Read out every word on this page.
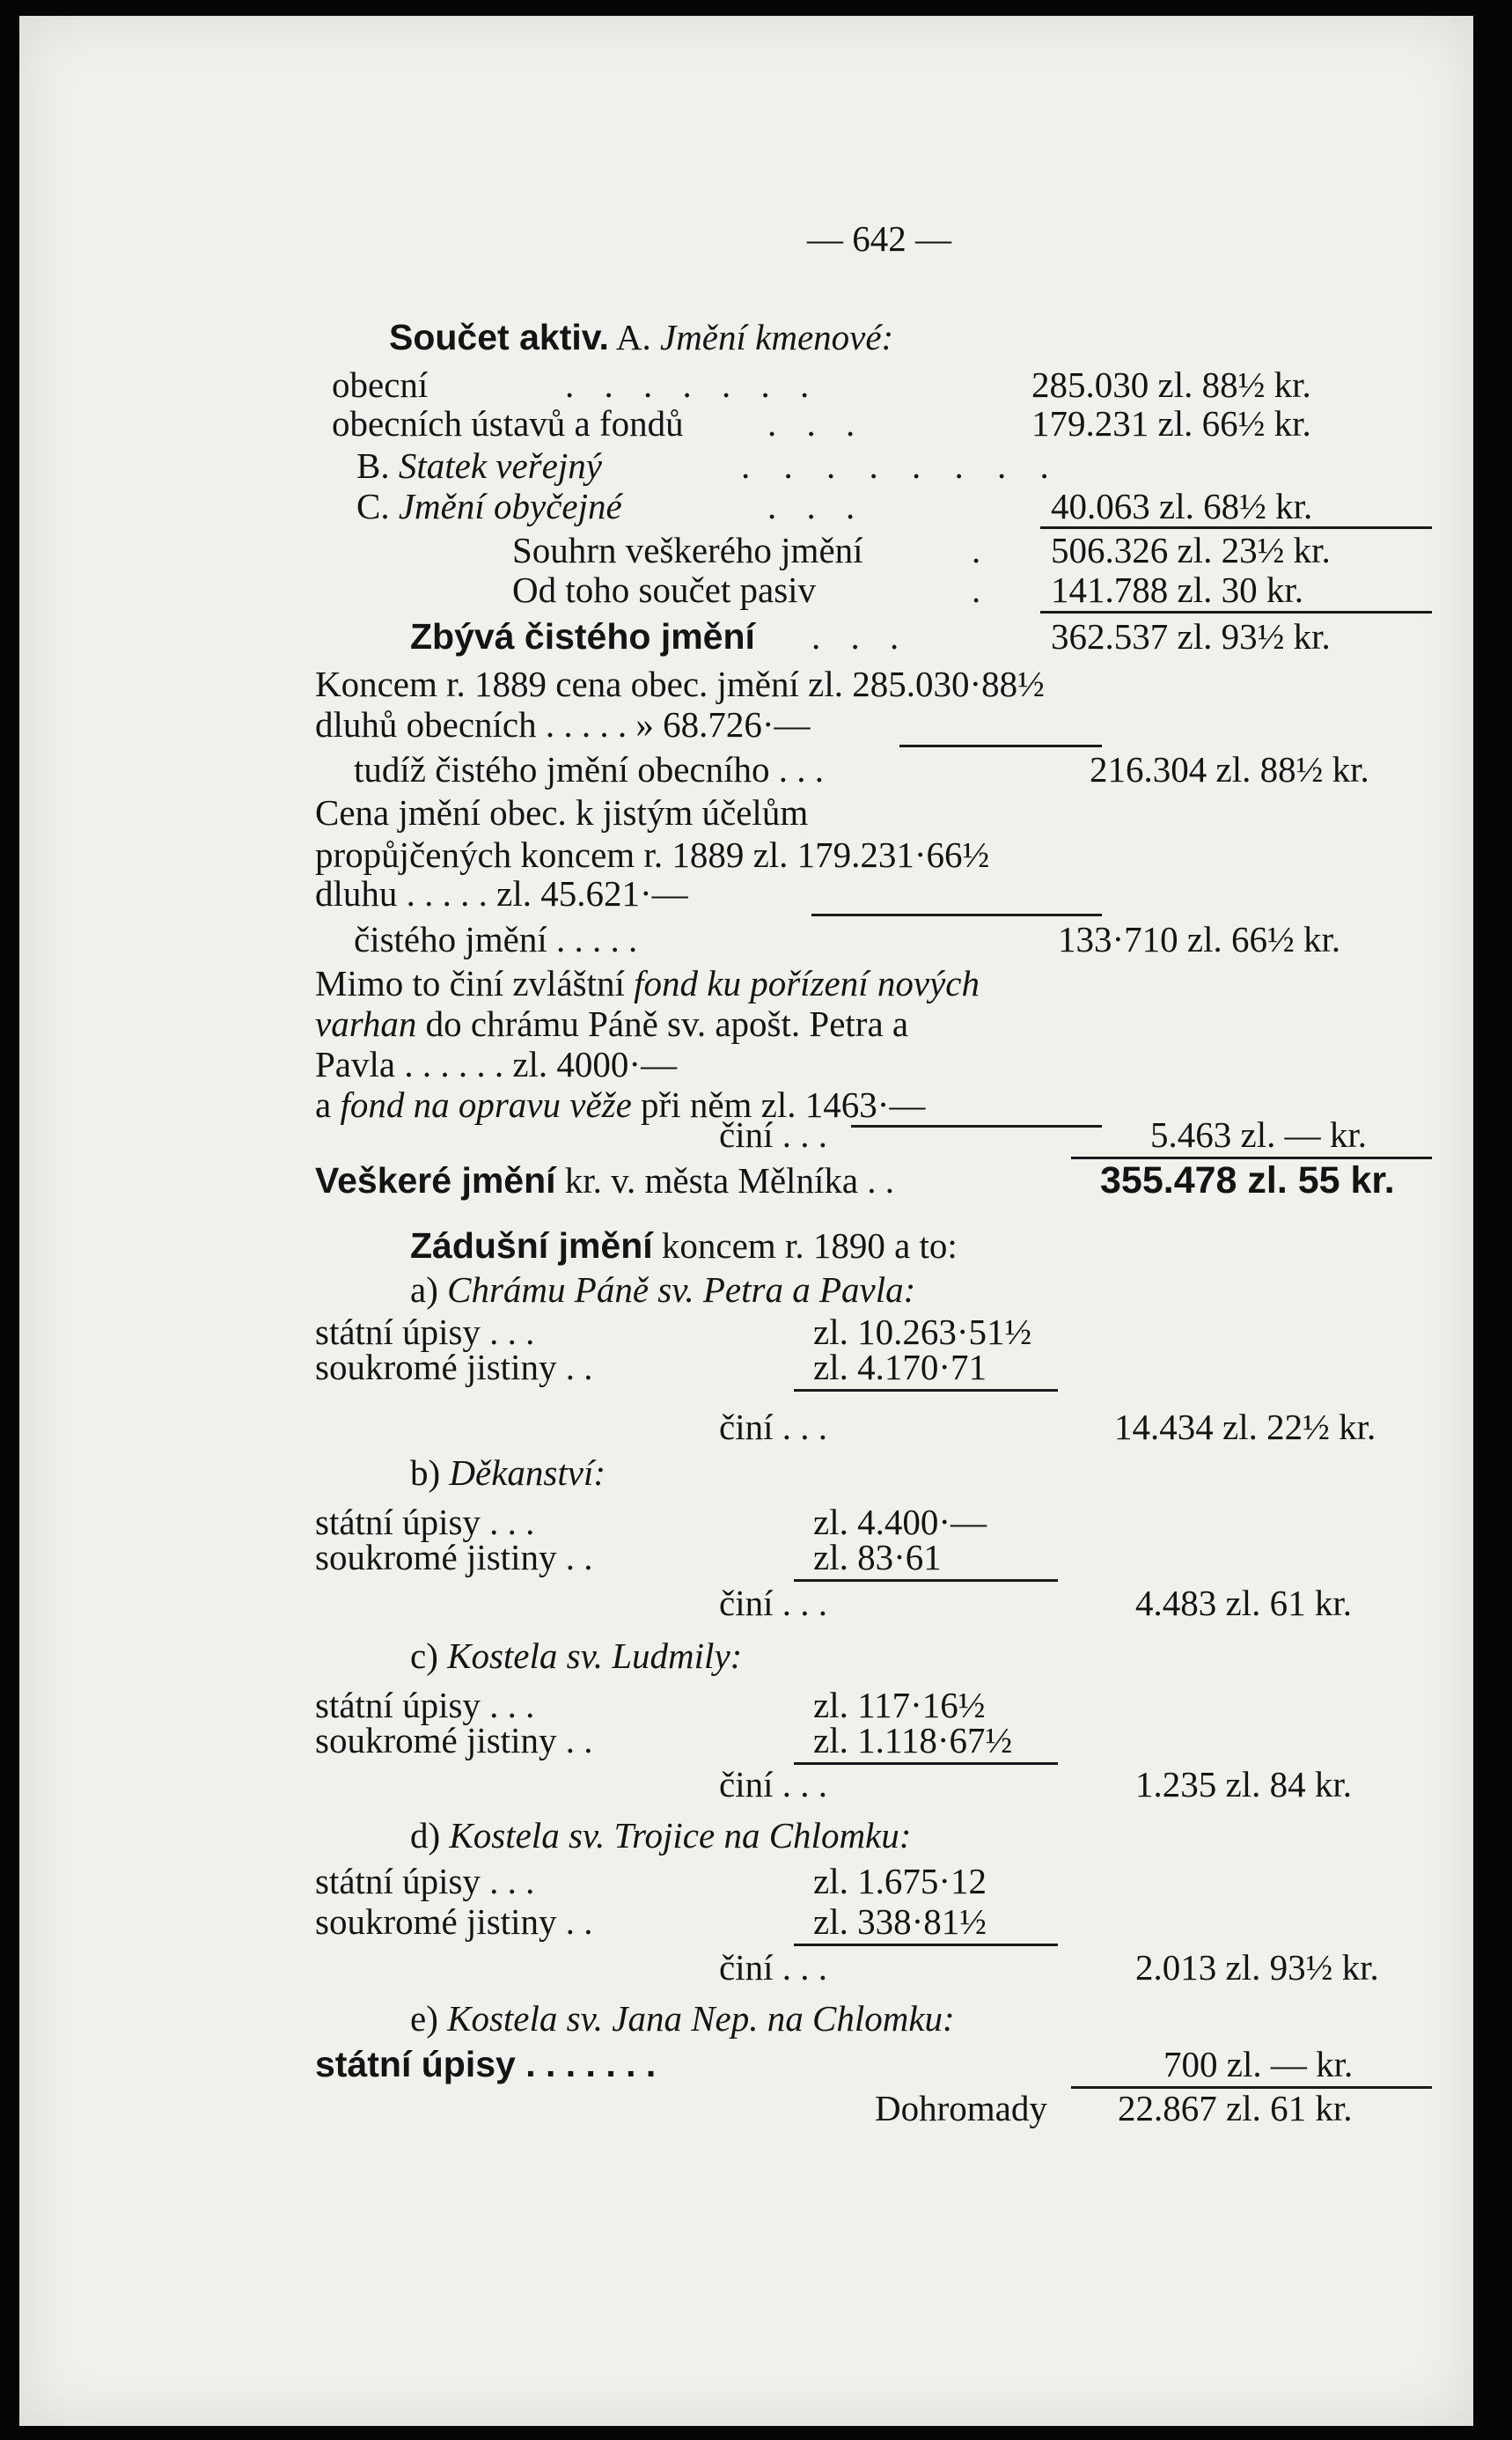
— 642 —
Součet aktiv. A. Jmění kmenové:
obecní	. . . . . . .	285.030 zl. 88½ kr.
obecních ústavů a fondů . . .	179.231 zl. 66½ kr.
B. Statek veřejný	. . . . . . . .
C. Jmění obyčejné	. . .	40.063 zl. 68½ kr.
Souhrn veškerého jmění	. 506.326 zl. 23½ kr.
Od toho součet pasiv	. 141.788 zl. 30 kr.
Zbývá čistého jmění . . .	362.537 zl. 93½ kr.
Koncem r. 1889 cena obec. jmění zl. 285.030·88½
dluhů obecních . . . . . » 68.726·—
tudíž čistého jmění obecního . . .	216.304 zl. 88½ kr.
Cena jmění obec. k jistým účelům
propůjčených koncem r. 1889 zl. 179.231·66½
dluhu . . . . . zl. 45.621·—
čistého jmění . . . . .	133·710 zl. 66½ kr.
Mimo to činí zvláštní fond ku pořízení nových
varhan do chrámu Páně sv. apošt. Petra a
Pavla . . . . . . zl. 4000·—
a fond na opravu věže při něm zl. 1463·—
činí . . .	5.463 zl. — kr.
Veškeré jmění kr. v. města Mělníka . .	355.478 zl. 55 kr.
Zádušní jmění koncem r. 1890 a to:
a) Chrámu Páně sv. Petra a Pavla:
státní úpisy . . .	zl. 10.263·51½
soukromé jistiny . .	zl. 4.170·71
činí . . .	14.434 zl. 22½ kr.
b) Děkanství:
státní úpisy . . .	zl. 4.400·—
soukromé jistiny . .	zl. 83·61
činí . . .	4.483 zl. 61 kr.
c) Kostela sv. Ludmily:
státní úpisy . . .	zl. 117·16½
soukromé jistiny . .	zl. 1.118·67½
činí . . .	1.235 zl. 84 kr.
d) Kostela sv. Trojice na Chlomku:
státní úpisy . . .	zl. 1.675·12
soukromé jistiny . .	zl. 338·81½
činí . . .	2.013 zl. 93½ kr.
e) Kostela sv. Jana Nep. na Chlomku:
státní úpisy . . . . . . .	700 zl. — kr.
Dohromady 22.867 zl. 61 kr.
